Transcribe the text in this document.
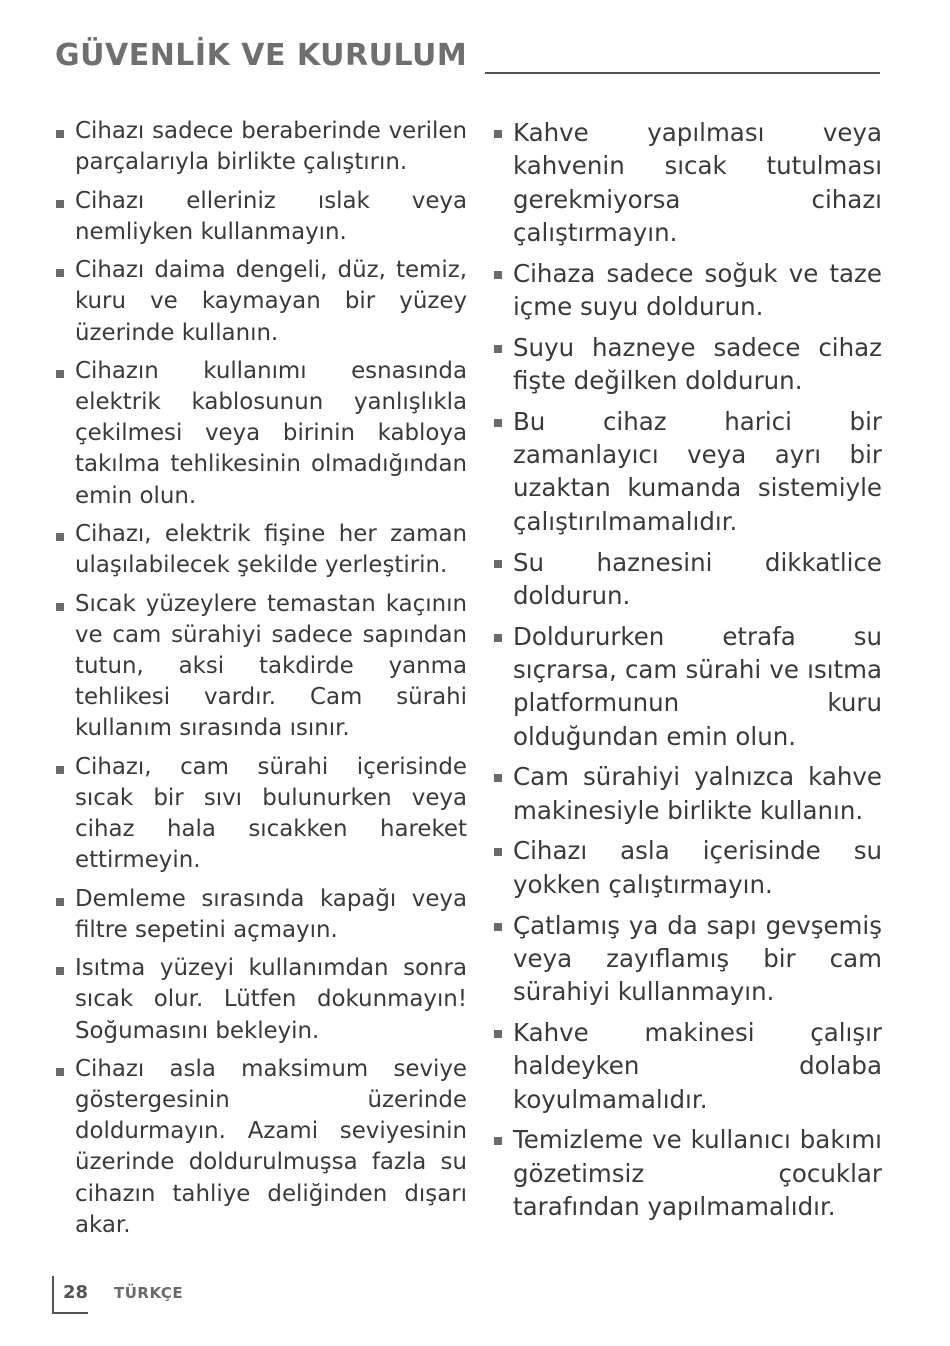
GÜVENLİK VE KURULUM
Cihazı sadece beraberinde verilen parçalarıyla birlikte çalıştırın.
Cihazı elleriniz ıslak veya nemliyken kullanmayın.
Cihazı daima dengeli, düz, temiz, kuru ve kaymayan bir yüzey üzerinde kullanın.
Cihazın kullanımı esnasında elektrik kablosunun yanlışlıkla çekilmesi veya birinin kabloya takılma tehlikesinin olmadığından emin olun.
Cihazı, elektrik fişine her zaman ulaşılabilecek şekilde yerleştirin.
Sıcak yüzeylere temastan kaçının ve cam sürahiyi sadece sapından tutun, aksi takdirde yanma tehlikesi vardır. Cam sürahi kullanım sırasında ısınır.
Cihazı, cam sürahi içerisinde sıcak bir sıvı bulunurken veya cihaz hala sıcakken hareket ettirmeyin.
Demleme sırasında kapağı veya filtre sepetini açmayın.
Isıtma yüzeyi kullanımdan sonra sıcak olur. Lütfen dokunmayın! Soğumasını bekleyin.
Cihazı asla maksimum seviye göstergesinin üzerinde doldurmayın. Azami seviyesinin üzerinde doldurulmuşsa fazla su cihazın tahliye deliğinden dışarı akar.
Kahve yapılması veya kahvenin sıcak tutulması gerekmiyorsa cihazı çalıştırmayın.
Cihaza sadece soğuk ve taze içme suyu doldurun.
Suyu hazneye sadece cihaz fişte değilken doldurun.
Bu cihaz harici bir zamanlayıcı veya ayrı bir uzaktan kumanda sistemiyle çalıştırılmamalıdır.
Su haznesini dikkatlice doldurun.
Doldururken etrafa su sıçrarsa, cam sürahi ve ısıtma platformunun kuru olduğundan emin olun.
Cam sürahiyi yalnızca kahve makinesiyle birlikte kullanın.
Cihazı asla içerisinde su yokken çalıştırmayın.
Çatlamış ya da sapı gevşemiş veya zayıflamış bir cam sürahiyi kullanmayın.
Kahve makinesi çalışır haldeyken dolaba koyulmamalıdır.
Temizleme ve kullanıcı bakımı gözetimsiz çocuklar tarafından yapılmamalıdır.
28 TÜRKÇE
